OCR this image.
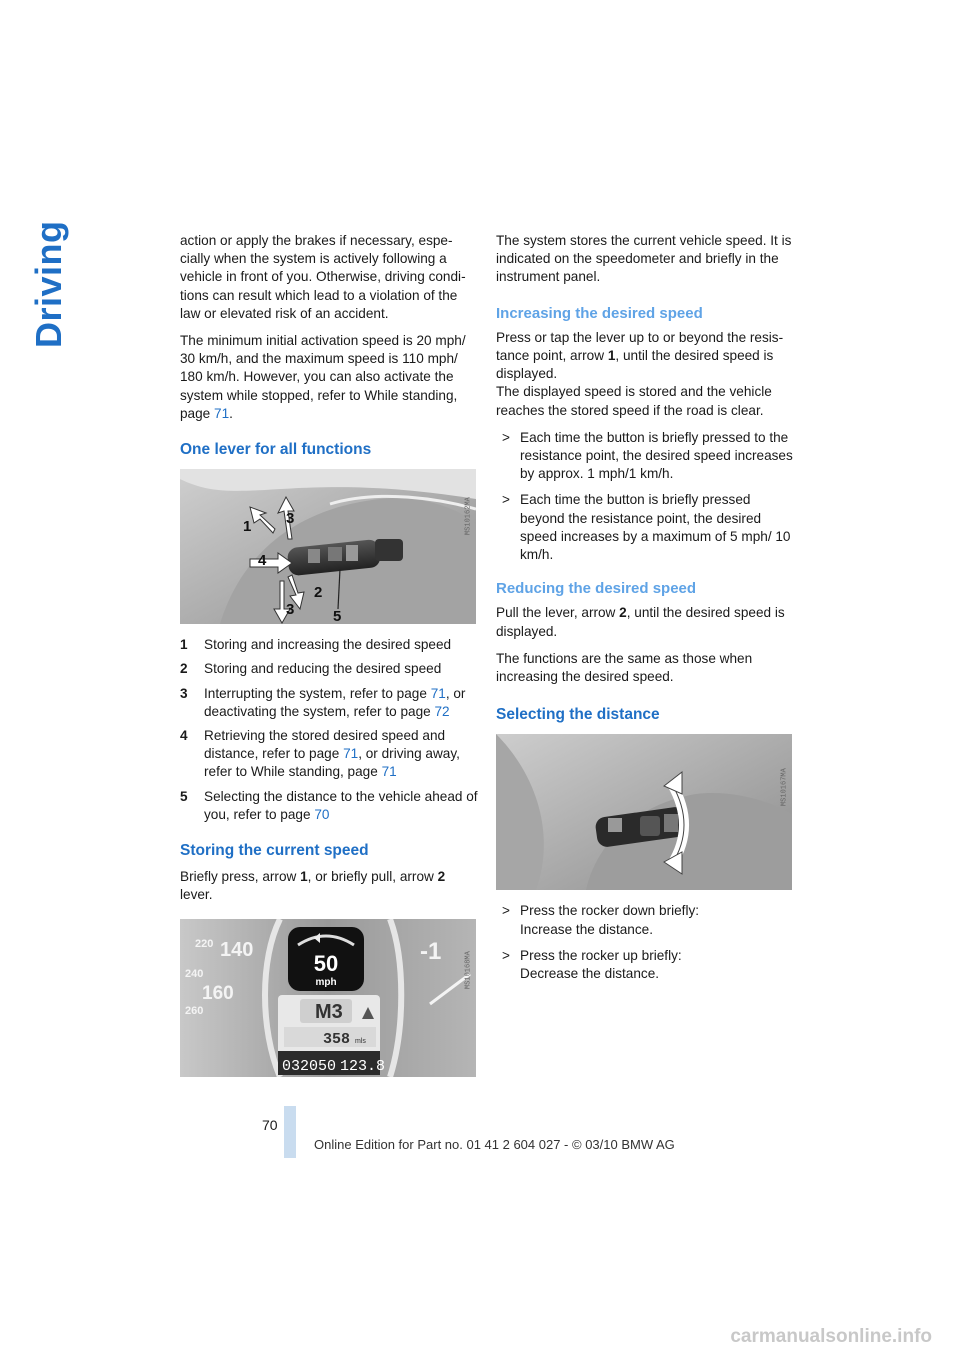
Driving	action or apply the brakes if necessary, espe-cially when the system is actively following a vehicle in front of you. Otherwise, driving condi-tions can result which lead to a violation of the law or elevated risk of an accident.

The minimum initial activation speed is 20 mph/ 30 km/h, and the maximum speed is 110 mph/ 180 km/h. However, you can also activate the system while stopped, refer to While standing, page 71.

One lever for all functions
1 3
4
2
3	5
MS10162MA
1 Storing and increasing the desired speed
2 Storing and reducing the desired speed
3 Interrupting the system, refer to page 71, or deactivating the system, refer to page 72
4 Retrieving the stored desired speed and distance, refer to page 71, or driving away, refer to While standing, page 71
5 Selecting the distance to the vehicle ahead of you, refer to page 70
Storing the current speed

Briefly press, arrow 1, or briefly pull, arrow 2 lever.

220 140
240
160
260
-1
50
mph
M3
358 mls
032050 123.8
MS10168MA

The system stores the current vehicle speed. It is indicated on the speedometer and briefly in the instrument panel.

Increasing the desired speed

Press or tap the lever up to or beyond the resis-tance point, arrow 1, until the desired speed is displayed.

The displayed speed is stored and the vehicle reaches the stored speed if the road is clear.

> Each time the button is briefly pressed to the resistance point, the desired speed increases by approx. 1 mph/1 km/h.
> Each time the button is briefly pressed beyond the resistance point, the desired speed increases by a maximum of 5 mph/ 10 km/h.
Reducing the desired speed

Pull the lever, arrow 2, until the desired speed is displayed.

The functions are the same as those when increasing the desired speed.

Selecting the distance
MS10167MA
> Press the rocker down briefly:
Increase the distance.
> Press the rocker up briefly:
Decrease the distance.
70
Online Edition for Part no. 01 41 2 604 027 - © 03/10 BMW AG
carmanualsonline.info
